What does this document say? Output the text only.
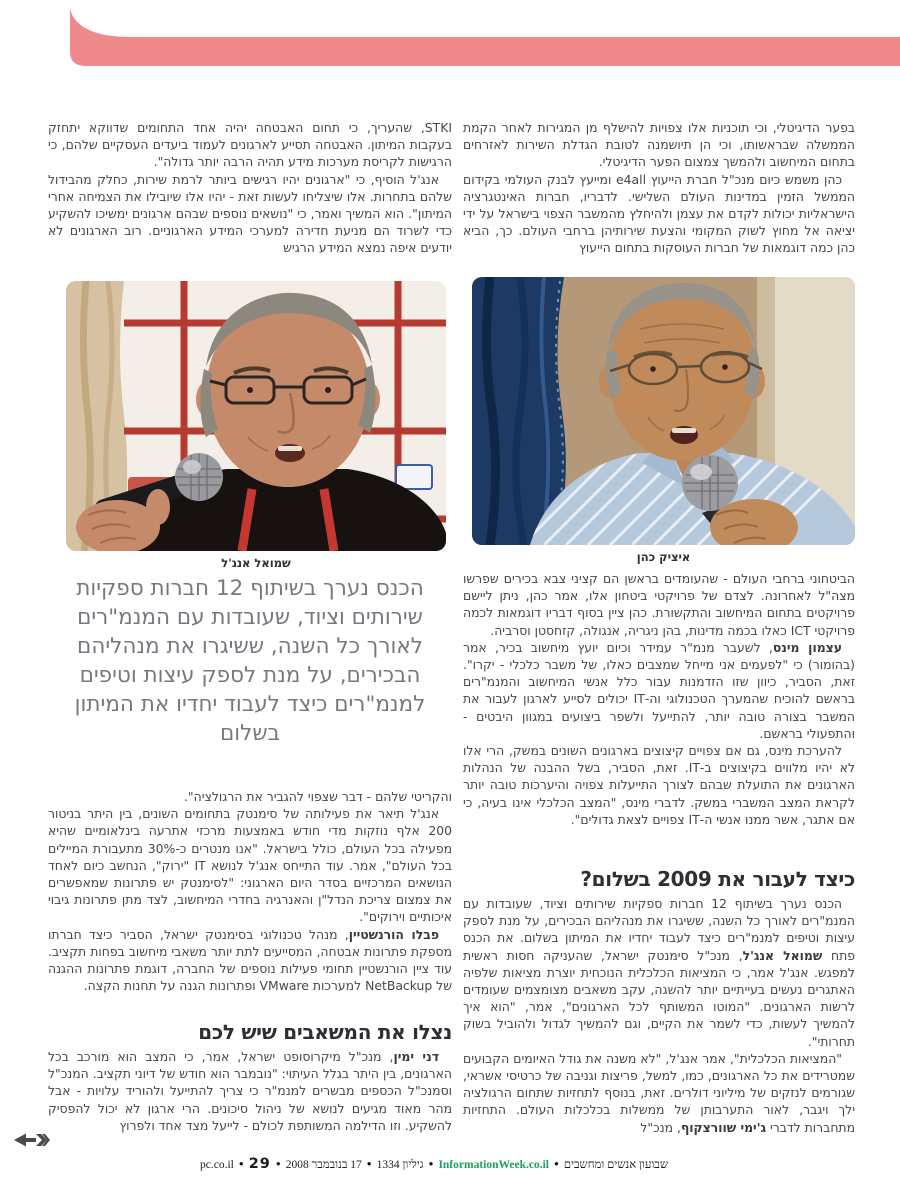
בפער הדיגיטלי, וכי תוכניות אלו צפויות להישלף מן המגירות לאחר הקמת הממשלה שבראשותו, וכי הן תיושמנה לטובת הגדלת השירות לאזרחים בתחום המיחשוב ולהמשך צמצום הפער הדיגיטלי.

כהן משמש כיום מנכ"ל חברת הייעוץ e4all ומייעץ לבנק העולמי בקידום הממשל הזמין במדינות העולם השלישי. לדבריו, חברות האינטגרציה הישראליות יכולות לקדם את עצמן ולהיחלץ מהמשבר הצפוי בישראל על ידי יציאה אל מחוץ לשוק המקומי והצעת שירותיהן ברחבי העולם. כך, הביא כהן כמה דוגמאות של חברות העוסקות בתחום הייעוץ

איציק כהן

הביטחוני ברחבי העולם - שהעומדים בראשן הם קציני צבא בכירים שפרשו מצה"ל לאחרונה. לצדם של פרויקטי ביטחון אלו, אמר כהן, ניתן ליישם פרויקטים בתחום המיחשוב והתקשורת. כהן ציין בסוף דבריו דוגמאות לכמה פרויקטי ICT כאלו בכמה מדינות, בהן ניגריה, אנגולה, קזחסטן וסרביה.

עצמון מינס, לשעבר מנמ"ר עמידר וכיום יועץ מיחשוב בכיר, אמר (בהומור) כי "לפעמים אני מייחל שמצבים כאלו, של משבר כלכלי - יקרו". זאת, הסביר, כיוון שזו הזדמנות עבור כלל אנשי המיחשוב והמנמ"רים בראשם להוכיח שהמערך הטכנולוגי וה-IT יכולים לסייע לארגון לעבור את המשבר בצורה טובה יותר, להתייעל ולשפר ביצועים במגוון היבטים - והתפעולי בראשם.

להערכת מינס, גם אם צפויים קיצוצים בארגונים השונים במשק, הרי אלו לא יהיו מלווים בקיצוצים ב-IT. זאת, הסביר, בשל ההבנה של הנהלות הארגונים את התועלת שבהם לצורך התייעלות צפויה והיערכות טובה יותר לקראת המצב המשברי במשק. לדברי מינס, "המצב הכלכלי אינו בעיה, כי אם אתגר, אשר ממנו אנשי ה-IT צפויים לצאת גדולים".

כיצד לעבור את 2009 בשלום?

הכנס נערך בשיתוף 12 חברות ספקיות שירותים וציוד, שעובדות עם המנמ"רים לאורך כל השנה, ששיגרו את מנהליהם הבכירים, על מנת לספק עיצות וטיפים למנמ"רים כיצד לעבוד יחדיו את המיתון בשלום. את הכנס פתח שמואל אנג'ל, מנכ"ל סימנטק ישראל, שהעניקה חסות ראשית למפגש. אנג'ל אמר, כי המציאות הכלכלית הנוכחית יוצרת מציאות שלפיה האתגרים נעשים בעייתיים יותר להשגה, עקב משאבים מצומצמים שעומדים לרשות הארגונים. "המוטו המשותף לכל הארגונים", אמר, "הוא איך להמשיך לעשות, כדי לשמר את הקיים, וגם להמשיך לגדול ולהוביל בשוק תחרותי".

"המציאות הכלכלית", אמר אנג'ל, "לא משנה את גודל האיומים הקבועים שמטרידים את כל הארגונים, כמו, למשל, פריצות וגניבה של כרטיסי אשראי, שגורמים לנזקים של מיליוני דולרים. זאת, בנוסף לתחזיות שתחום הרגולציה ילך ויגבר, לאור התערבותן של ממשלות בכלכלות העולם. התחזיות מתחברות לדברי ג'ימי שוורצקוף, מנכ"ל

STKI, שהעריך, כי תחום האבטחה יהיה אחד התחומים שדווקא יתחזק בעקבות המיתון. האבטחה תסייע לארגונים לעמוד ביעדים העסקיים שלהם, כי הרגישות לקריסת מערכות מידע תהיה הרבה יותר גדולה".

אנג'ל הוסיף, כי "ארגונים יהיו רגישים ביותר לרמת שירות, כחלק מהבידול שלהם בתחרות. אלו שיצליחו לעשות זאת - יהיו אלו שיובילו את הצמיחה אחרי המיתון". הוא המשיך ואמר, כי "נושאים נוספים שבהם ארגונים ימשיכו להשקיע כדי לשרוד הם מניעת חדירה למערכי המידע הארגוניים. רוב הארגונים לא יודעים איפה נמצא המידע הרגיש

שמואל אנג'ל
הכנס נערך בשיתוף 12 חברות ספקיות שירותים וציוד, שעובדות עם המנמ"רים לאורך כל השנה, ששיגרו את מנהליהם הבכירים, על מנת לספק עיצות וטיפים למנמ"רים כיצד לעבוד יחדיו את המיתון בשלום

והקריטי שלהם - דבר שצפוי להגביר את הרגולציה".

אנג'ל תיאר את פעילותה של סימנטק בתחומים השונים, בין היתר בניטור 200 אלף נוזקות מדי חודש באמצעות מרכזי אתרעה בינלאומיים שהיא מפעילה בכל העולם, כולל בישראל. "אנו מנטרים כ-30% מתעבורת המיילים בכל העולם", אמר. עוד התייחס אנג'ל לנושא IT "ירוק", הנחשב כיום לאחד הנושאים המרכזיים בסדר היום הארגוני: "לסימנטק יש פתרונות שמאפשרים את צמצום צריכת הנדל"ן והאנרגיה בחדרי המיחשוב, לצד מתן פתרונות גיבוי איכותיים וירוקים".

פבלו הורנשטיין, מנהל טכנולוגי בסימנטק ישראל, הסביר כיצד חברתו מספקת פתרונות אבטחה, המסייעים לתת יותר משאבי מיחשוב בפחות תקציב. עוד ציין הורנשטיין תחומי פעילות נוספים של החברה, דוגמת פתרונות ההגנה של NetBackup למערכות VMware ופתרונות הגנה על תחנות הקצה.

נצלו את המשאבים שיש לכם

דני ימין, מנכ"ל מיקרוסופט ישראל, אמר, כי המצב הוא מורכב בכל הארגונים, בין היתר בגלל העיתוי: "נובמבר הוא חודש של דיוני תקציב. המנכ"ל וסמנכ"ל הכספים מבשרים למנמ"ר כי צריך להתייעל ולהוריד עלויות - אבל מהר מאוד מגיעים לנושא של ניהול סיכונים. הרי ארגון לא יכול להפסיק להשקיע. וזו הדילמה המשותפת לכולם - לייעל מצד אחד ולפרוץ

שבועון אנשים ומחשבים●InformationWeek.co.il●גיליון 1334●17 בנובמבר 2008●pc.co.il ● 29
